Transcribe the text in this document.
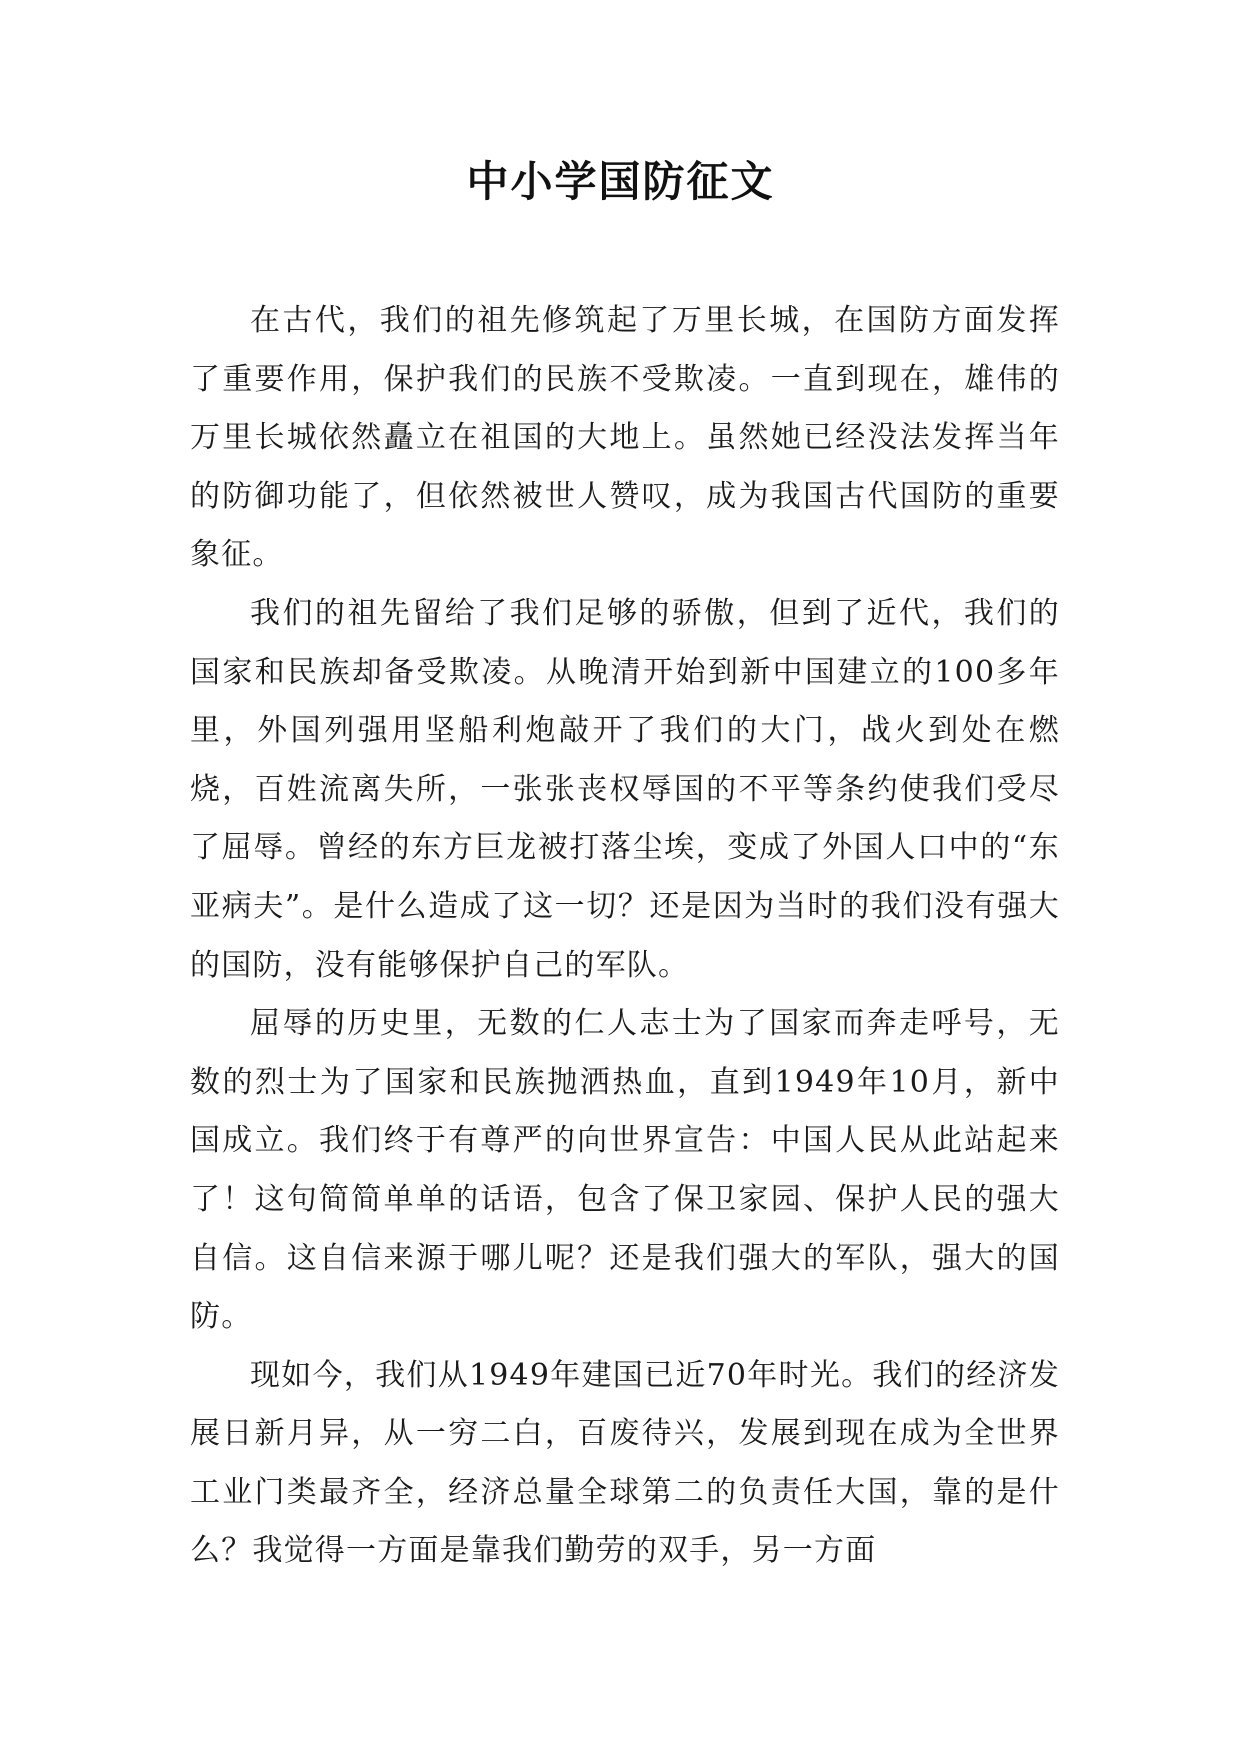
中小学国防征文

在古代，我们的祖先修筑起了万里长城，在国防方面发挥了重要作用，保护我们的民族不受欺凌。一直到现在，雄伟的万里长城依然矗立在祖国的大地上。虽然她已经没法发挥当年的防御功能了，但依然被世人赞叹，成为我国古代国防的重要象征。

我们的祖先留给了我们足够的骄傲，但到了近代，我们的国家和民族却备受欺凌。从晚清开始到新中国建立的100多年里，外国列强用坚船利炮敲开了我们的大门，战火到处在燃烧，百姓流离失所，一张张丧权辱国的不平等条约使我们受尽了屈辱。曾经的东方巨龙被打落尘埃，变成了外国人口中的“东亚病夫”。是什么造成了这一切？还是因为当时的我们没有强大的国防，没有能够保护自己的军队。

屈辱的历史里，无数的仁人志士为了国家而奔走呼号，无数的烈士为了国家和民族抛洒热血，直到1949年10月，新中国成立。我们终于有尊严的向世界宣告：中国人民从此站起来了！这句简简单单的话语，包含了保卫家园、保护人民的强大自信。这自信来源于哪儿呢？还是我们强大的军队，强大的国防。

现如今，我们从1949年建国已近70年时光。我们的经济发展日新月异，从一穷二白，百废待兴，发展到现在成为全世界工业门类最齐全，经济总量全球第二的负责任大国，靠的是什么？我觉得一方面是靠我们勤劳的双手，另一方面
